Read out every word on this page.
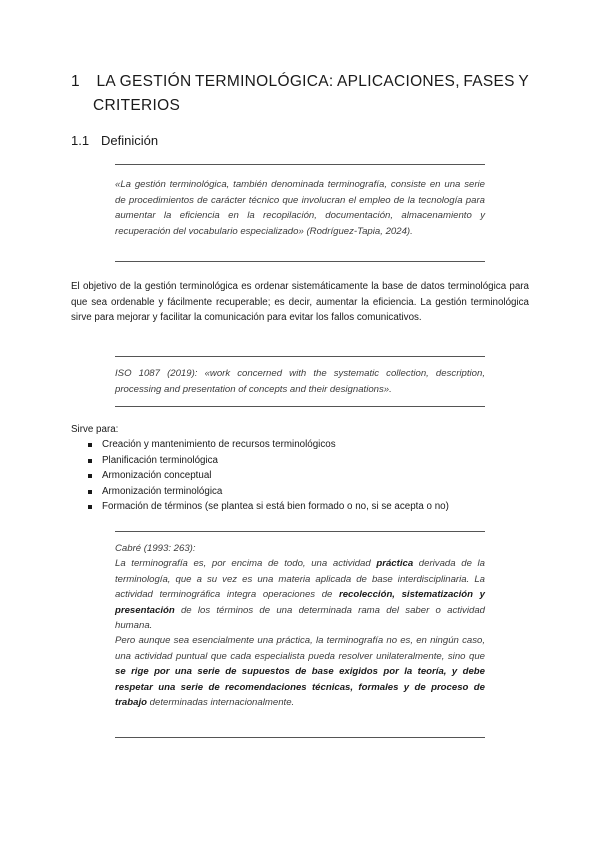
1	LA GESTIÓN TERMINOLÓGICA: APLICACIONES, FASES Y
CRITERIOS
1.1 Definición
«La gestión terminológica, también denominada terminografía, consiste en una serie de procedimientos de carácter técnico que involucran el empleo de la tecnología para aumentar la eficiencia en la recopilación, documentación, almacenamiento y recuperación del vocabulario especializado» (Rodríguez-Tapia, 2024).
El objetivo de la gestión terminológica es ordenar sistemáticamente la base de datos terminológica para que sea ordenable y fácilmente recuperable; es decir, aumentar la eficiencia. La gestión terminológica sirve para mejorar y facilitar la comunicación para evitar los fallos comunicativos.
ISO 1087 (2019): «work concerned with the systematic collection, description, processing and presentation of concepts and their designations».
Sirve para:
Creación y mantenimiento de recursos terminológicos
Planificación terminológica
Armonización conceptual
Armonización terminológica
Formación de términos (se plantea si está bien formado o no, si se acepta o no)

Cabré (1993: 263):

La terminografía es, por encima de todo, una actividad práctica derivada de la terminología, que a su vez es una materia aplicada de base interdisciplinaria. La actividad terminográfica integra operaciones de recolección, sistematización y presentación de los términos de una determinada rama del saber o actividad humana.

Pero aunque sea esencialmente una práctica, la terminografía no es, en ningún caso, una actividad puntual que cada especialista pueda resolver unilateralmente, sino que se rige por una serie de supuestos de base exigidos por la teoría, y debe respetar una serie de recomendaciones técnicas, formales y de proceso de trabajo determinadas internacionalmente.
